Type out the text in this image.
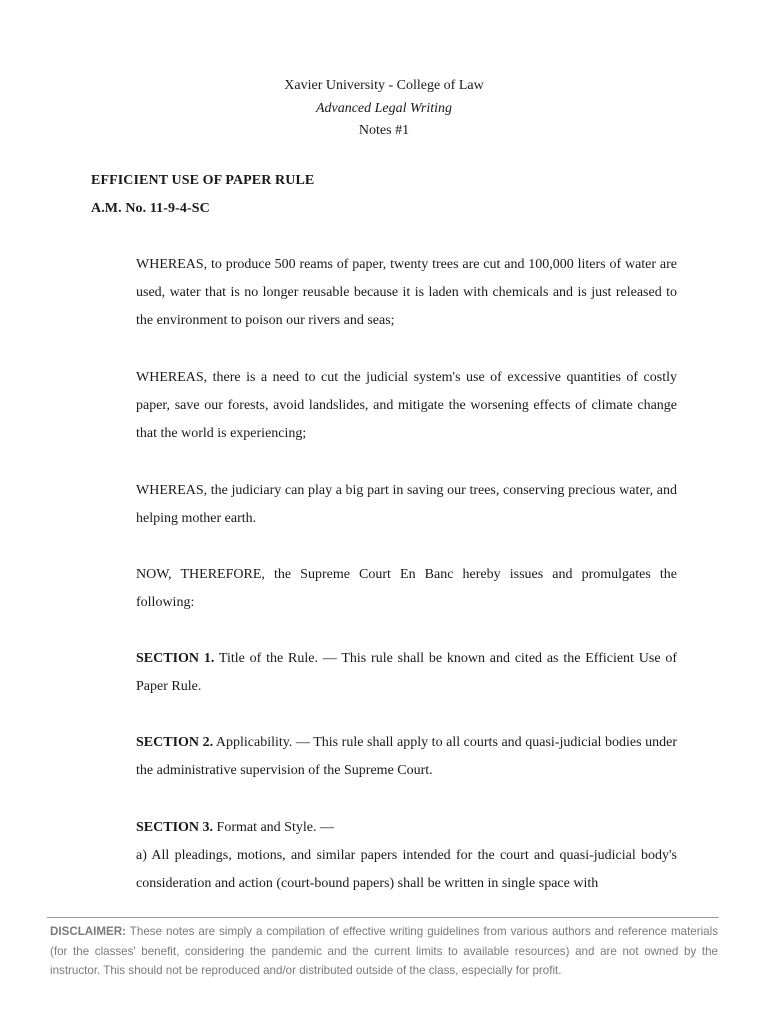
Xavier University - College of Law
Advanced Legal Writing
Notes #1
EFFICIENT USE OF PAPER RULE
A.M. No. 11-9-4-SC

WHEREAS, to produce 500 reams of paper, twenty trees are cut and 100,000 liters of water are used, water that is no longer reusable because it is laden with chemicals and is just released to the environment to poison our rivers and seas;

WHEREAS, there is a need to cut the judicial system's use of excessive quantities of costly paper, save our forests, avoid landslides, and mitigate the worsening effects of climate change that the world is experiencing;

WHEREAS, the judiciary can play a big part in saving our trees, conserving precious water, and helping mother earth.

NOW, THEREFORE, the Supreme Court En Banc hereby issues and promulgates the following:

SECTION 1. Title of the Rule. — This rule shall be known and cited as the Efficient Use of Paper Rule.

SECTION 2. Applicability. — This rule shall apply to all courts and quasi-judicial bodies under the administrative supervision of the Supreme Court.

SECTION 3. Format and Style. —

a) All pleadings, motions, and similar papers intended for the court and quasi-judicial body's consideration and action (court-bound papers) shall be written in single space with

DISCLAIMER: These notes are simply a compilation of effective writing guidelines from various authors and reference materials (for the classes' benefit, considering the pandemic and the current limits to available resources) and are not owned by the instructor. This should not be reproduced and/or distributed outside of the class, especially for profit.
